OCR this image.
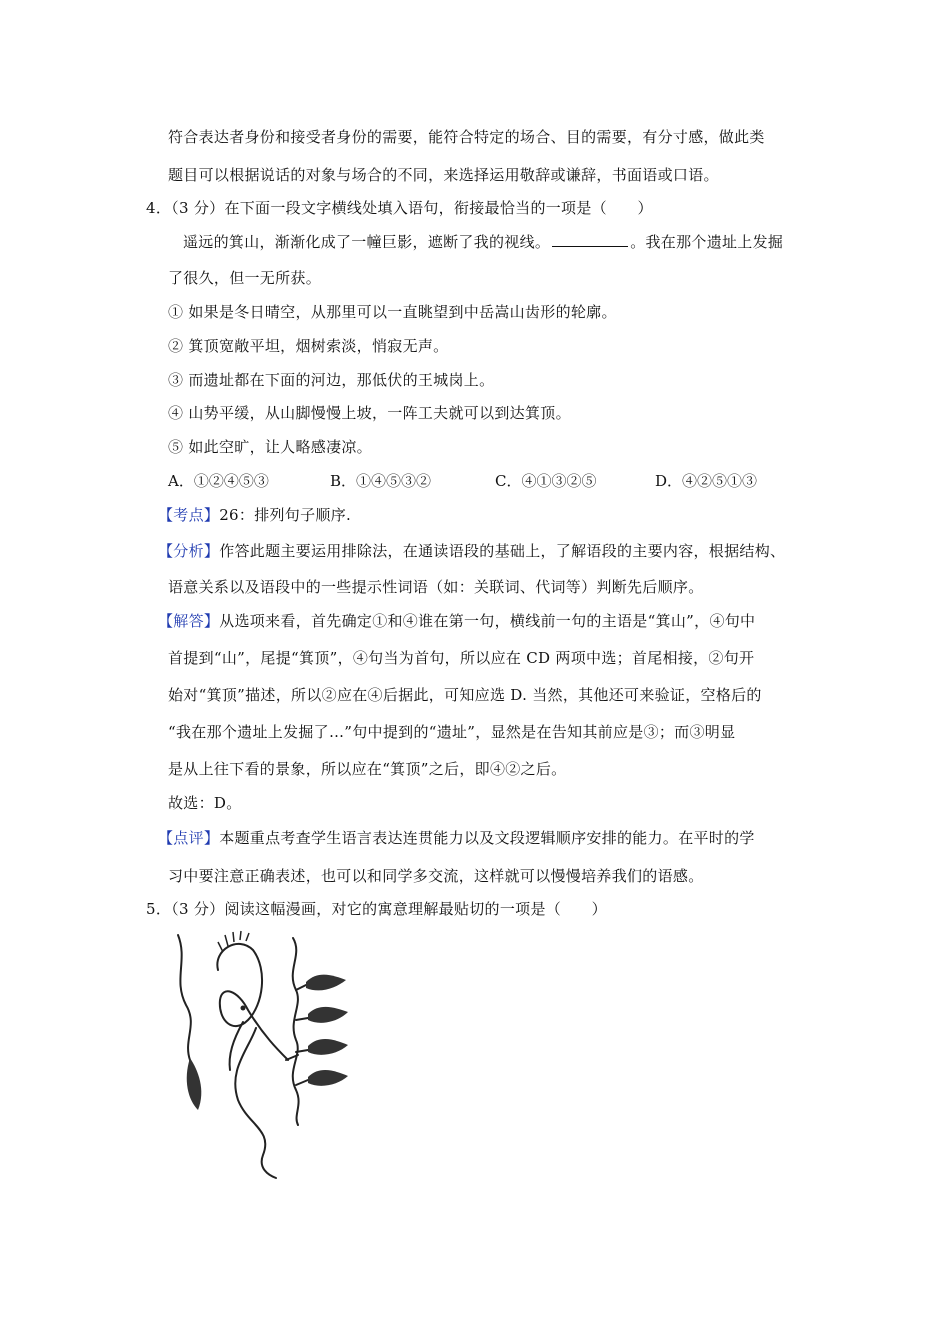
符合表达者身份和接受者身份的需要，能符合特定的场合、目的需要，有分寸感，做此类
题目可以根据说话的对象与场合的不同，来选择运用敬辞或谦辞，书面语或口语。
4．（3 分）在下面一段文字横线处填入语句，衔接最恰当的一项是（　　）
遥远的箕山，渐渐化成了一幢巨影，遮断了我的视线。	。我在那个遗址上发掘
了很久，但一无所获。
① 如果是冬日晴空，从那里可以一直眺望到中岳嵩山齿形的轮廓。
② 箕顶宽敞平坦，烟树索淡，悄寂无声。
③ 而遗址都在下面的河边，那低伏的王城岗上。
④ 山势平缓，从山脚慢慢上坡，一阵工夫就可以到达箕顶。
⑤ 如此空旷，让人略感凄凉。
A．①②④⑤③	B．①④⑤③②	C．④①③②⑤	D．④②⑤①③
【考点】26：排列句子顺序.
【分析】作答此题主要运用排除法，在通读语段的基础上，了解语段的主要内容，根据结构、
语意关系以及语段中的一些提示性词语（如：关联词、代词等）判断先后顺序。
【解答】从选项来看，首先确定①和④谁在第一句，横线前一句的主语是“箕山”，④句中
首提到“山”，尾提“箕顶”，④句当为首句，所以应在 CD 两项中选；首尾相接，②句开
始对“箕顶”描述，所以②应在④后据此，可知应选 D. 当然，其他还可来验证，空格后的
“我在那个遗址上发掘了…”句中提到的“遗址”，显然是在告知其前应是③；而③明显
是从上往下看的景象，所以应在“箕顶”之后，即④②之后。
故选：D。
【点评】本题重点考查学生语言表达连贯能力以及文段逻辑顺序安排的能力。在平时的学
习中要注意正确表述，也可以和同学多交流，这样就可以慢慢培养我们的语感。
5．（3 分）阅读这幅漫画，对它的寓意理解最贴切的一项是（　　）
